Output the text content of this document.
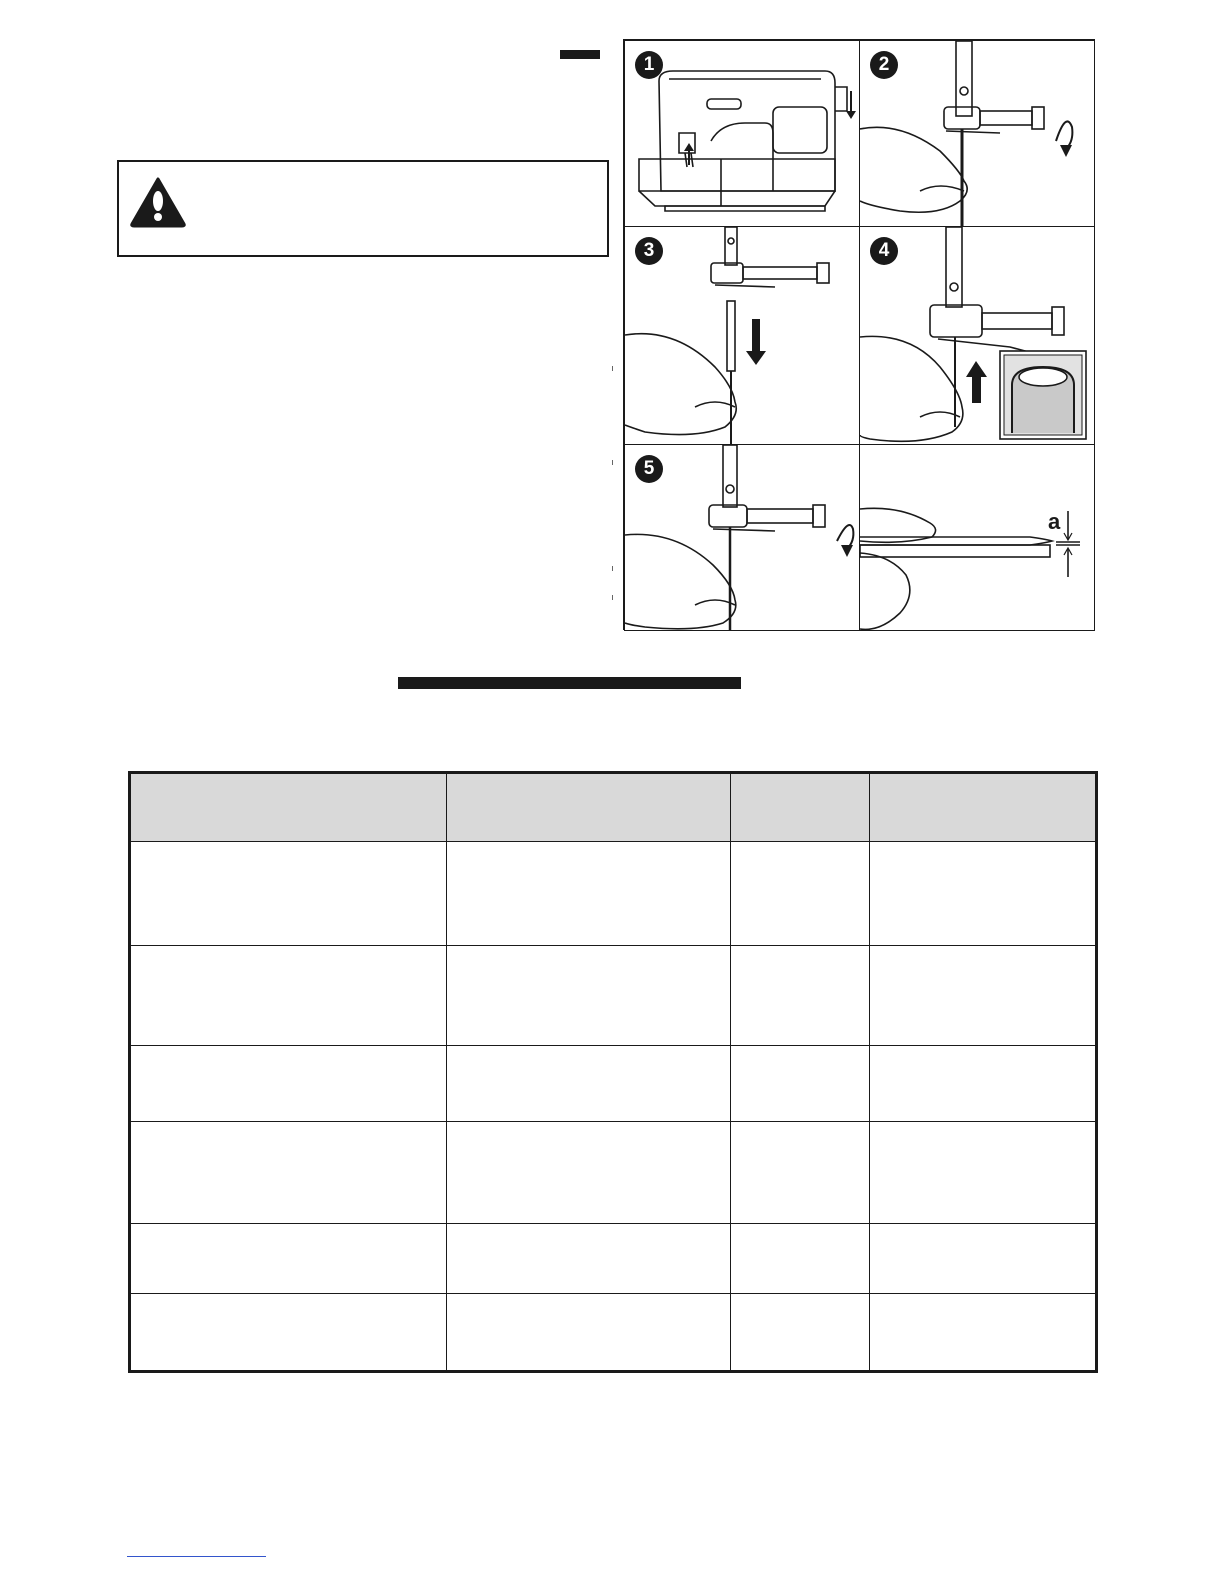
1	2
3	4
5
a
